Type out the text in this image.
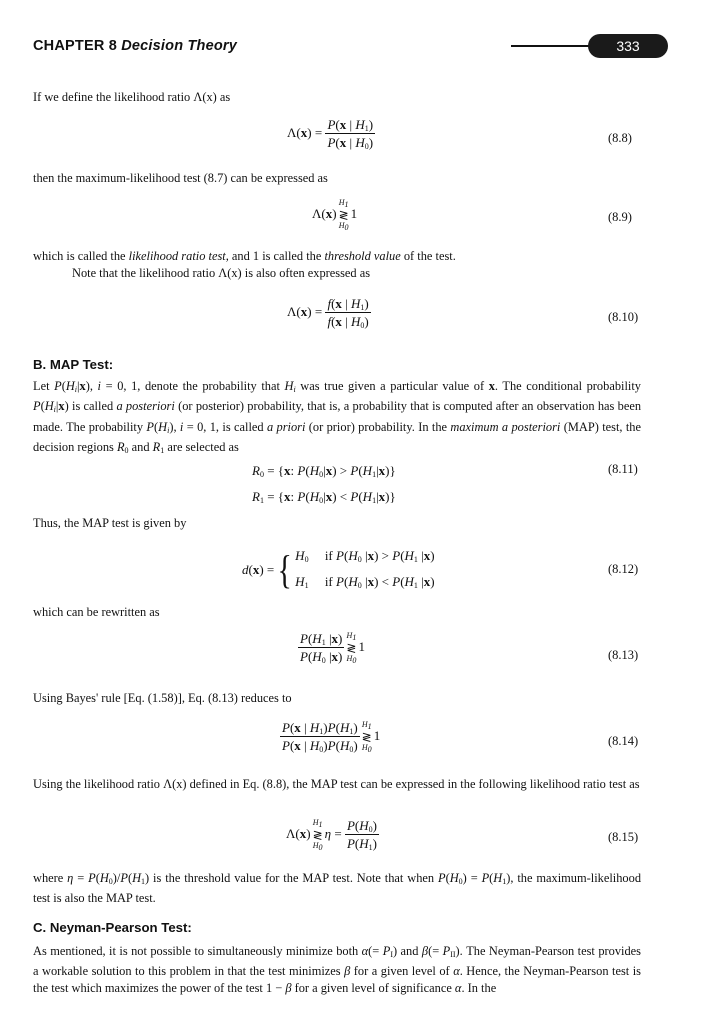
CHAPTER 8 Decision Theory	333
If we define the likelihood ratio Λ(x) as
$\Lambda(x) = \frac{P(x | H_1)}{P(x | H_0)}$	(8.8)
then the maximum-likelihood test (8.7) can be expressed as
Λ(x)
$H_1$
≷
$H_0$
1	(8.9)
which is called the likelihood ratio test, and 1 is called the threshold value of the test.
Note that the likelihood ratio Λ(x) is also often expressed as
$\Lambda(x) = \frac{f(x | H_1)}{f(x | H_0)}$	(8.10)
B. MAP Test:
Let $P(H_i|x)$, i = 0, 1, denote the probability that $H_i$ was true given a particular value of x. The conditional probability $P(H_i|x)$ is called a posteriori (or posterior) probability, that is, a probability that is computed after an observation has been made. The probability $P(H_i)$, i = 0, 1, is called a priori (or prior) probability. In the maximum a posteriori (MAP) test, the decision regions $R_0$ and $R_1$ are selected as
$R_0 = \{x$: $P(H_0|x) > P(H_1|x)$}
$R_1 = \{x$: $P(H_0|x) < P(H_1|x)$}
(8.11)
Thus, the MAP test is given by
d(x) = { $H_0$     if $P(H_0$ $|x) > P(H_1$ |x)
$H_1$     if $P(H_0$ $|x) < P(H_1$ |x)
(8.12)
which can be rewritten as
$\frac{P(H_1 |x)}{P(H_0 |x)} H_1$
≷
$H_0$
1
(8.13)
Using Bayes' rule [Eq. (1.58)], Eq. (8.13) reduces to
$\frac{P(x | H_1)P(H_1)}{P(x | H_0)P(H_0)} H_1$
≷
$H_0$
1	(8.14)
Using the likelihood ratio Λ(x) defined in Eq. (8.8), the MAP test can be expressed in the following likelihood ratio test as
Λ(x)
$H_1$
≷
$H_0$
$\eta = \frac{P(H_0)}{P(H_1)}$	(8.15)
where $\eta = P(H_0)/P(H_1)$ is the threshold value for the MAP test. Note that when $P(H_0) = P(H_1)$, the maximum-likelihood test is also the MAP test.
C. Neyman-Pearson Test:
As mentioned, it is not possible to simultaneously minimize both $\alpha(= P_I)$ and $\beta(= P_{II})$. The Neyman-Pearson test provides a workable solution to this problem in that the test minimizes β for a given level of α. Hence, the Neyman-Pearson test is the test which maximizes the power of the test 1 − β for a given level of significance α. In the
